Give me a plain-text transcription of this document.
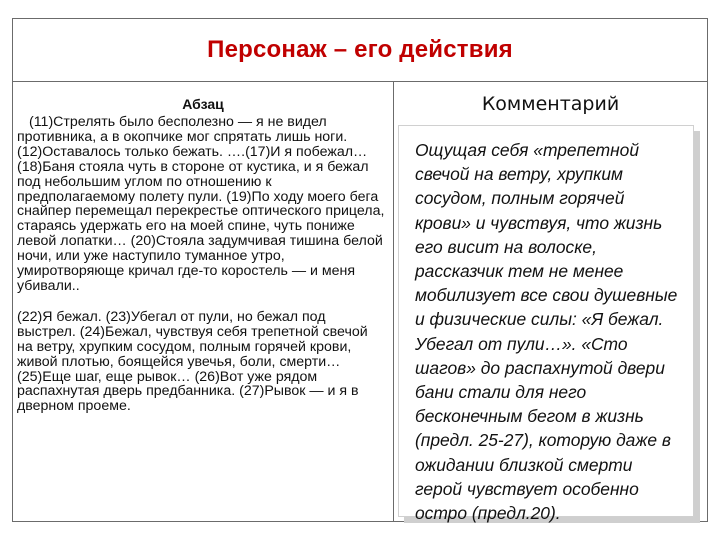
Персонаж – его действия
Абзац	Комментарий

(11)Стрелять было бесполезно — я не видел противника, а в окопчике мог спрятать лишь ноги. (12)Оставалось только бежать. ….(17)И я побежал…(18)Баня стояла чуть в стороне от кустика, и я бежал под небольшим углом по отношению к предполагаемому полету пули. (19)По ходу моего бега снайпер перемещал перекрестье оптического прицела, стараясь удержать его на моей спине, чуть пониже левой лопатки… (20)Стояла задумчивая тишина белой ночи, или уже наступило туманное утро, умиротворяюще кричал где-то коростель — и меня убивали..

(22)Я бежал. (23)Убегал от пули, но бежал под выстрел. (24)Бежал, чувствуя себя трепетной свечой на ветру, хрупким сосудом, полным горячей крови, живой плотью, боящейся увечья, боли, смерти… (25)Еще шаг, еще рывок… (26)Вот уже рядом распахнутая дверь предбанника. (27)Рывок — и я в дверном проеме.

Ощущая себя «трепетной свечой на ветру, хрупким сосудом, полным горячей крови» и чувствуя, что жизнь его висит на волоске, рассказчик тем не менее мобилизует все свои душевные и физические силы: «Я бежал. Убегал от пули…». «Сто шагов» до распахнутой двери бани стали для него бесконечным бегом в жизнь (предл. 25-27), которую даже в ожидании близкой смерти герой чувствует особенно остро (предл.20).
